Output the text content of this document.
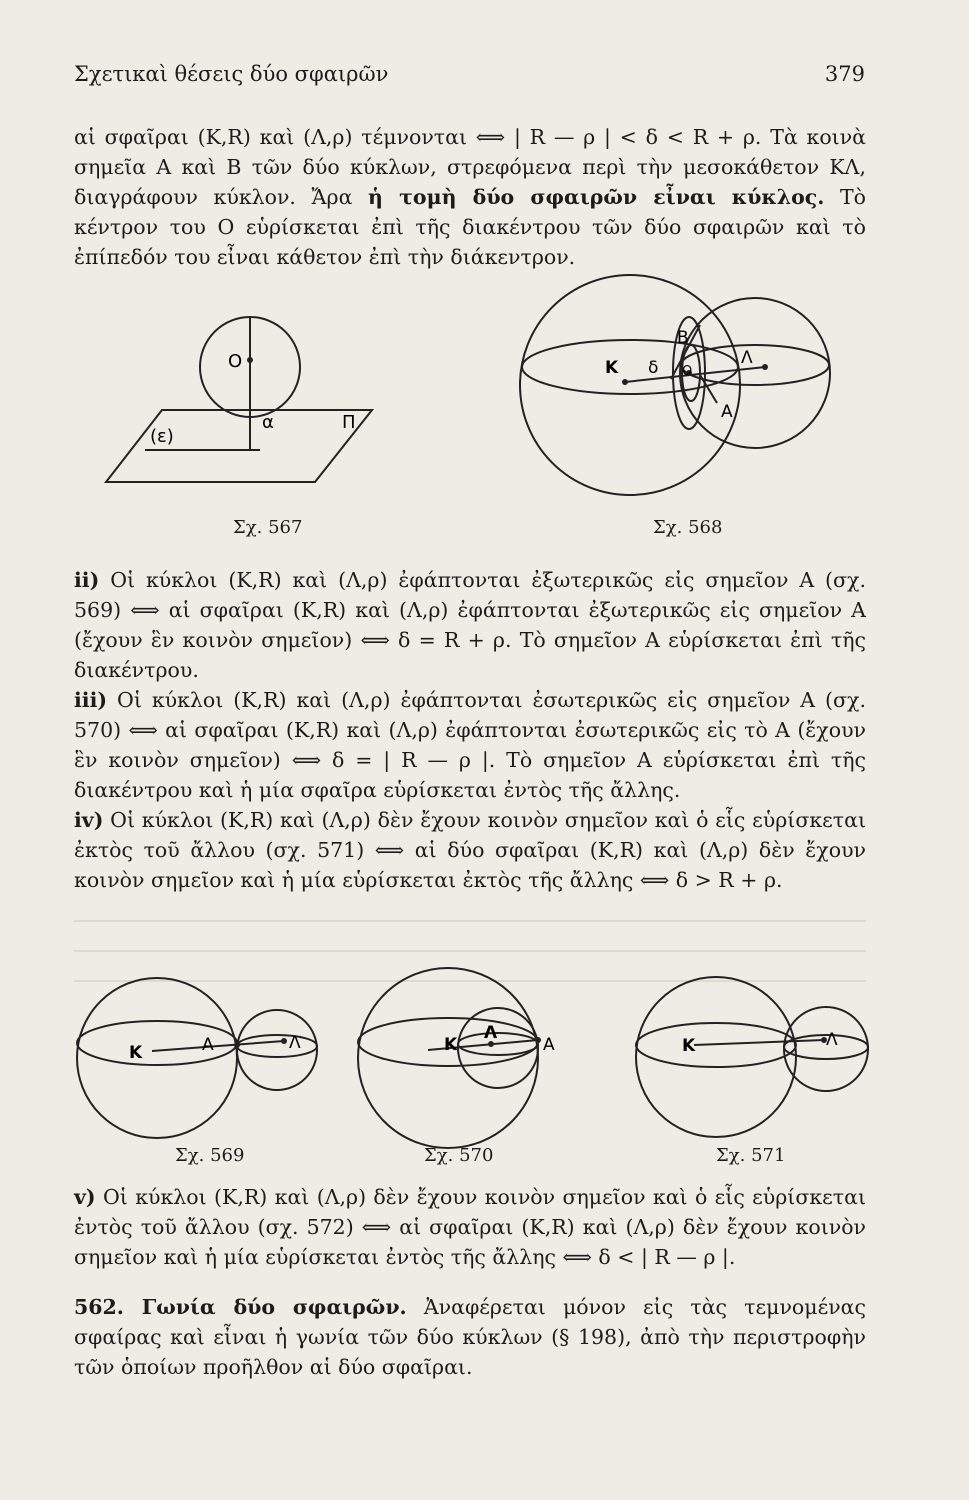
Σχετικαὶ θέσεις δύο σφαιρῶν	379

αἱ σφαῖραι (Κ,R) καὶ (Λ,ρ) τέμνονται ⟺ | R — ρ | < δ < R + ρ. Τὰ κοινὰ σημεῖα Α καὶ Β τῶν δύο κύκλων, στρεφόμενα περὶ τὴν μεσοκάθετον ΚΛ, διαγράφουν κύκλον. Ἄρα ἡ τομὴ δύο σφαιρῶν εἶναι κύκλος. Τὸ κέντρον του Ο εὑρίσκεται ἐπὶ τῆς διακέντρου τῶν δύο σφαιρῶν καὶ τὸ ἐπίπεδόν του εἶναι κάθετον ἐπὶ τὴν διάκεντρον.

O
(ε)
α	Π
Σχ. 567
Β
Κ δ O
Λ
Α
Σχ. 568

ii) Οἱ κύκλοι (Κ,R) καὶ (Λ,ρ) ἐφάπτονται ἐξωτερικῶς εἰς σημεῖον Α (σχ. 569) ⟺ αἱ σφαῖραι (Κ,R) καὶ (Λ,ρ) ἐφάπτονται ἐξωτερικῶς εἰς σημεῖον Α (ἔχουν ἓν κοινὸν σημεῖον) ⟺ δ = R + ρ. Τὸ σημεῖον Α εὑρίσκεται ἐπὶ τῆς διακέντρου.

iii) Οἱ κύκλοι (Κ,R) καὶ (Λ,ρ) ἐφάπτονται ἐσωτερικῶς εἰς σημεῖον Α (σχ. 570) ⟺ αἱ σφαῖραι (Κ,R) καὶ (Λ,ρ) ἐφάπτονται ἐσωτερικῶς εἰς τὸ Α (ἔχουν ἓν κοινὸν σημεῖον) ⟺ δ = | R — ρ |. Τὸ σημεῖον Α εὑρίσκεται ἐπὶ τῆς διακέντρου καὶ ἡ μία σφαῖρα εὑρίσκεται ἐντὸς τῆς ἄλλης.

iv) Οἱ κύκλοι (Κ,R) καὶ (Λ,ρ) δὲν ἔχουν κοινὸν σημεῖον καὶ ὁ εἷς εὑρίσκεται ἐκτὸς τοῦ ἄλλου (σχ. 571) ⟺ αἱ δύο σφαῖραι (Κ,R) καὶ (Λ,ρ) δὲν ἔχουν κοινὸν σημεῖον καὶ ἡ μία εὑρίσκεται ἐκτὸς τῆς ἄλλης ⟺ δ > R + ρ.

Κ	Α	Λ
Σχ. 569
Κ
Λ
Α
Σχ. 570
Κ	Λ
Σχ. 571

v) Οἱ κύκλοι (Κ,R) καὶ (Λ,ρ) δὲν ἔχουν κοινὸν σημεῖον καὶ ὁ εἷς εὑρίσκεται ἐντὸς τοῦ ἄλλου (σχ. 572) ⟺ αἱ σφαῖραι (Κ,R) καὶ (Λ,ρ) δὲν ἔχουν κοινὸν σημεῖον καὶ ἡ μία εὑρίσκεται ἐντὸς τῆς ἄλλης ⟺ δ < | R — ρ |.

562. Γωνία δύο σφαιρῶν. Ἀναφέρεται μόνον εἰς τὰς τεμνομένας σφαίρας καὶ εἶναι ἡ γωνία τῶν δύο κύκλων (§ 198), ἀπὸ τὴν περιστροφὴν τῶν ὁποίων προῆλθον αἱ δύο σφαῖραι.
